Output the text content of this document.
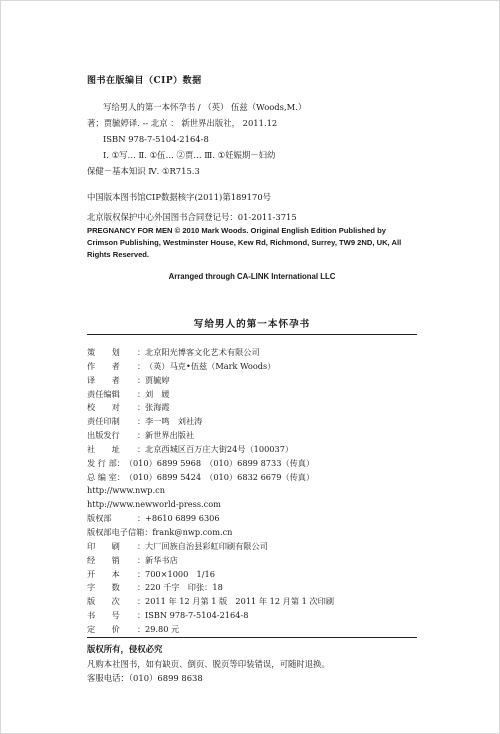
图书在版编目（CIP）数据
写给男人的第一本怀孕书 / （英） 伍兹（Woods,M.）
著；贾毓婷译. -- 北京 ： 新世界出版社， 2011.12
ISBN 978-7-5104-2164-8
Ⅰ. ①写… Ⅱ. ①伍… ②贾… Ⅲ. ①妊娠期－妇幼
保健－基本知识 Ⅳ. ①R715.3
中国版本图书馆CIP数据核字(2011)第189170号
北京版权保护中心外国图书合同登记号：01-2011-3715
PREGNANCY FOR MEN © 2010 Mark Woods. Original English Edition Published by Crimson Publishing, Westminster House, Kew Rd, Richmond, Surrey, TW9 2ND, UK, All Rights Reserved.
Arranged through CA-LINK International LLC
写给男人的第一本怀孕书
策　　划	： 北京阳光博客文化艺术有限公司
作　　者	： （英）马克•伍兹（Mark Woods）
译　　者	： 贾毓婷
责任编辑	： 刘　媛
校　　对	： 张海霞
责任印制	： 李一鸣　刘社涛
出版发行	： 新世界出版社
社　　址	： 北京西城区百万庄大街24号（100037）
发 行 部 ： （010）6899 5968　（010）6899 8733（传真）
总 编 室 ： （010）6899 5424　（010）6832 6679（传真）
http://www.nwp.cn
http://www.newworld-press.com
版权部	： +8610 6899 6306
版权部电子信箱 ： frank@nwp.com.cn
印　　刷	： 大厂回族自治县彩虹印刷有限公司
经　　销	： 新华书店
开　　本	： 700×1000　1/16
字　　数	： 220 千字　印张：18
版　　次	： 2011 年 12 月第 1 版　2011 年 12 月第 1 次印刷
书　　号	： ISBN 978-7-5104-2164-8
定　　价	： 29.80 元
版权所有，侵权必究
凡购本社图书，如有缺页、倒页、脱页等印装错误，可随时退换。
客服电话：（010）6899 8638
